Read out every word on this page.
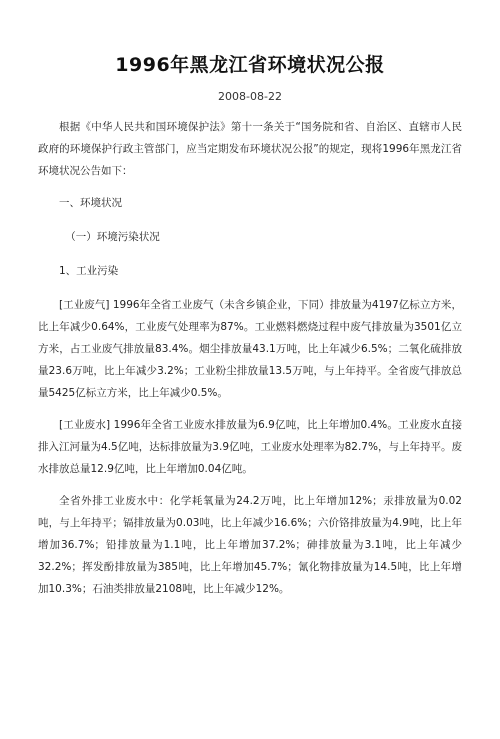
1996年黑龙江省环境状况公报
2008-08-22

根据《中华人民共和国环境保护法》第十一条关于“国务院和省、自治区、直辖市人民政府的环境保护行政主管部门，应当定期发布环境状况公报”的规定，现将1996年黑龙江省环境状况公告如下：

一、环境状况

（一）环境污染状况

1、工业污染

[工业废气] 1996年全省工业废气（未含乡镇企业，下同）排放量为4197亿标立方米，比上年减少0.64%，工业废气处理率为87%。工业燃料燃烧过程中废气排放量为3501亿立方米，占工业废气排放量83.4%。烟尘排放量43.1万吨，比上年减少6.5%；二氧化硫排放量23.6万吨，比上年减少3.2%；工业粉尘排放量13.5万吨，与上年持平。全省废气排放总量5425亿标立方米，比上年减少0.5%。

[工业废水] 1996年全省工业废水排放量为6.9亿吨，比上年增加0.4%。工业废水直接排入江河量为4.5亿吨，达标排放量为3.9亿吨，工业废水处理率为82.7%，与上年持平。废水排放总量12.9亿吨，比上年增加0.04亿吨。

全省外排工业废水中：化学耗氧量为24.2万吨，比上年增加12%；汞排放量为0.02吨，与上年持平；镉排放量为0.03吨，比上年减少16.6%；六价铬排放量为4.9吨，比上年增加36.7%；铅排放量为1.1吨，比上年增加37.2%；砷排放量为3.1吨，比上年减少32.2%；挥发酚排放量为385吨，比上年增加45.7%；氰化物排放量为14.5吨，比上年增加10.3%；石油类排放量2108吨，比上年减少12%。
